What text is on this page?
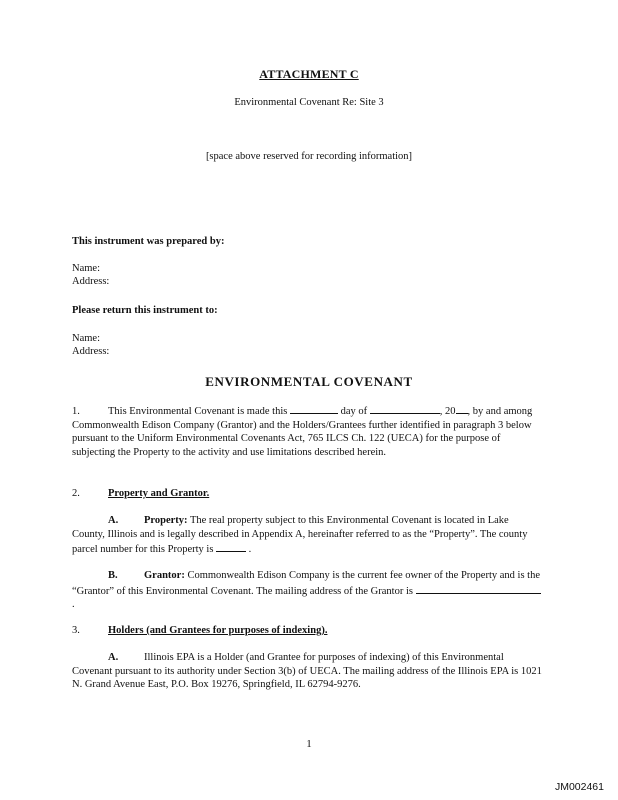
ATTACHMENT C
Environmental Covenant Re: Site 3
[space above reserved for recording information]
This instrument was prepared by:
Name:
Address:
Please return this instrument to:
Name:
Address:
ENVIRONMENTAL COVENANT

1.	This Environmental Covenant is made this	day of	, 20 , by and among Commonwealth Edison Company (Grantor) and the Holders/Grantees further identified in paragraph 3 below pursuant to the Uniform Environmental Covenants Act, 765 ILCS Ch. 122 (UECA) for the purpose of subjecting the Property to the activity and use limitations described herein.

2.	Property and Grantor.

A. Property: The real property subject to this Environmental Covenant is located in Lake County, Illinois and is legally described in Appendix A, hereinafter referred to as the “Property”. The county parcel number for this Property is	.

B.	Grantor: Commonwealth Edison Company is the current fee owner of the Property and is the “Grantor” of this Environmental Covenant. The mailing address of the Grantor is .

3.	Holders (and Grantees for purposes of indexing).

A. Illinois EPA is a Holder (and Grantee for purposes of indexing) of this Environmental Covenant pursuant to its authority under Section 3(b) of UECA. The mailing address of the Illinois EPA is 1021 N. Grand Avenue East, P.O. Box 19276, Springfield, IL 62794-9276.

1
JM002461
